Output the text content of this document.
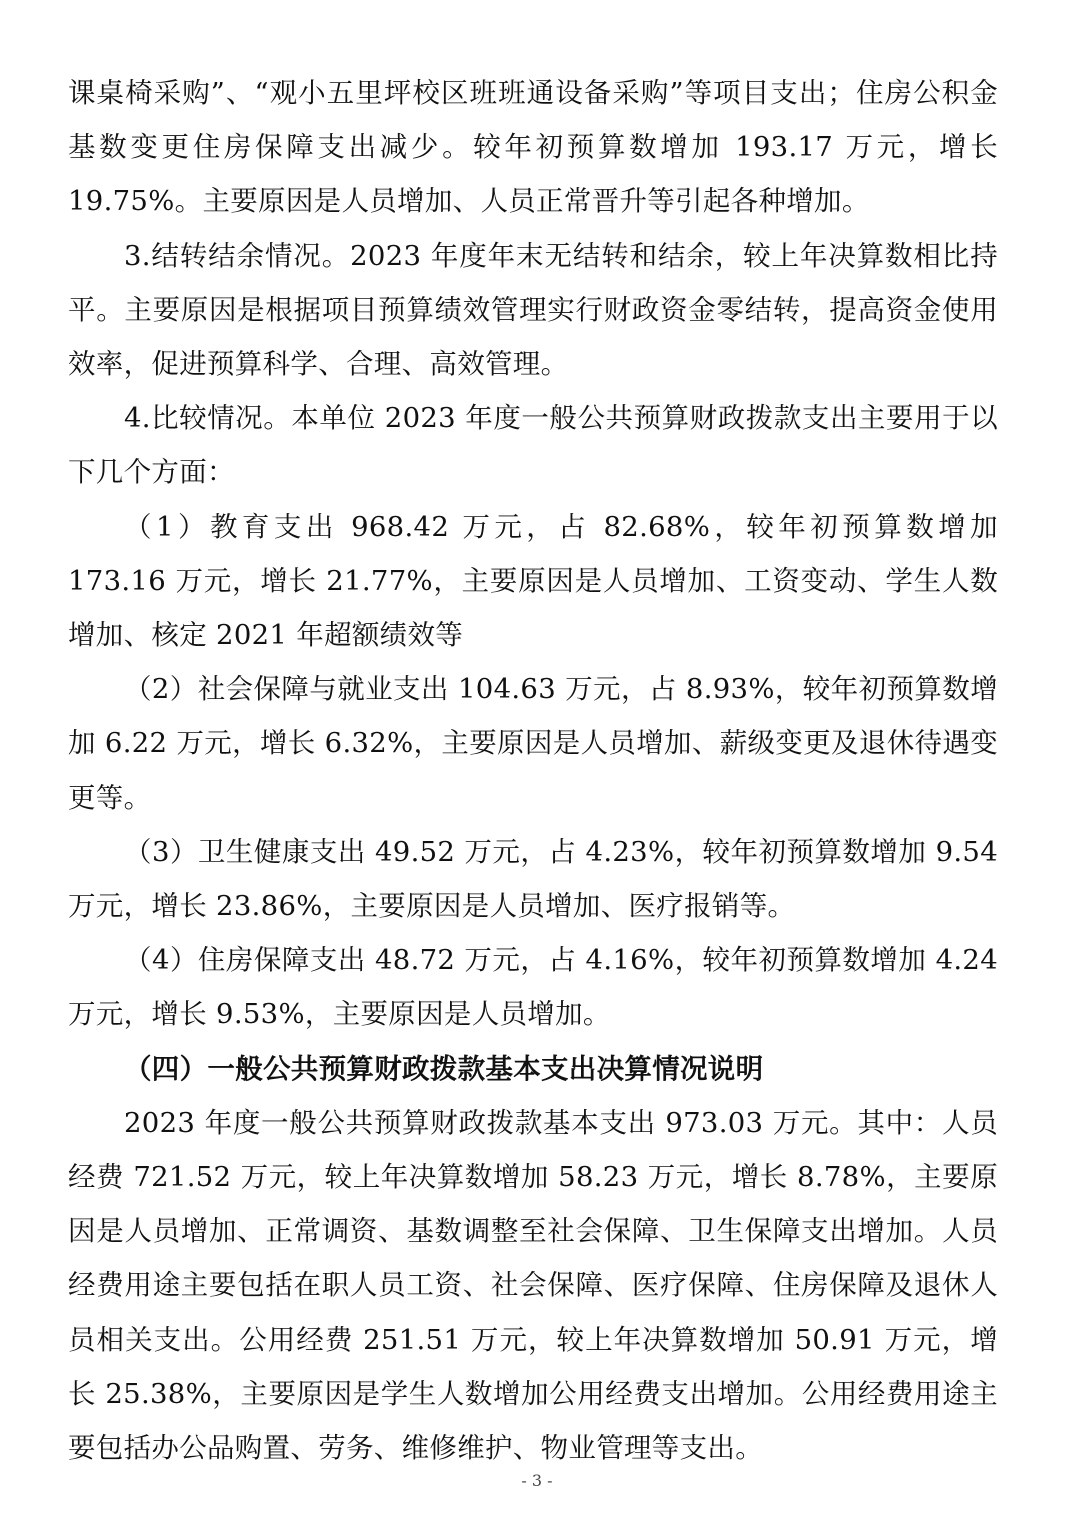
课桌椅采购”、“观小五里坪校区班班通设备采购”等项目支出；住房公积金基数变更住房保障支出减少。较年初预算数增加 193.17 万元，增长 19.75%。主要原因是人员增加、人员正常晋升等引起各种增加。

3.结转结余情况。2023 年度年末无结转和结余，较上年决算数相比持平。主要原因是根据项目预算绩效管理实行财政资金零结转，提高资金使用效率，促进预算科学、合理、高效管理。

4.比较情况。本单位 2023 年度一般公共预算财政拨款支出主要用于以下几个方面：

（1）教育支出 968.42 万元，占 82.68%，较年初预算数增加 173.16 万元，增长 21.77%，主要原因是人员增加、工资变动、学生人数增加、核定 2021 年超额绩效等

（2）社会保障与就业支出 104.63 万元，占 8.93%，较年初预算数增加 6.22 万元，增长 6.32%，主要原因是人员增加、薪级变更及退休待遇变更等。

（3）卫生健康支出 49.52 万元，占 4.23%，较年初预算数增加 9.54 万元，增长 23.86%，主要原因是人员增加、医疗报销等。

（4）住房保障支出 48.72 万元，占 4.16%，较年初预算数增加 4.24 万元，增长 9.53%，主要原因是人员增加。

（四）一般公共预算财政拨款基本支出决算情况说明

2023 年度一般公共预算财政拨款基本支出 973.03 万元。其中：人员经费 721.52 万元，较上年决算数增加 58.23 万元，增长 8.78%，主要原因是人员增加、正常调资、基数调整至社会保障、卫生保障支出增加。人员经费用途主要包括在职人员工资、社会保障、医疗保障、住房保障及退休人员相关支出。公用经费 251.51 万元，较上年决算数增加 50.91 万元，增长 25.38%，主要原因是学生人数增加公用经费支出增加。公用经费用途主要包括办公品购置、劳务、维修维护、物业管理等支出。

- 3 -
